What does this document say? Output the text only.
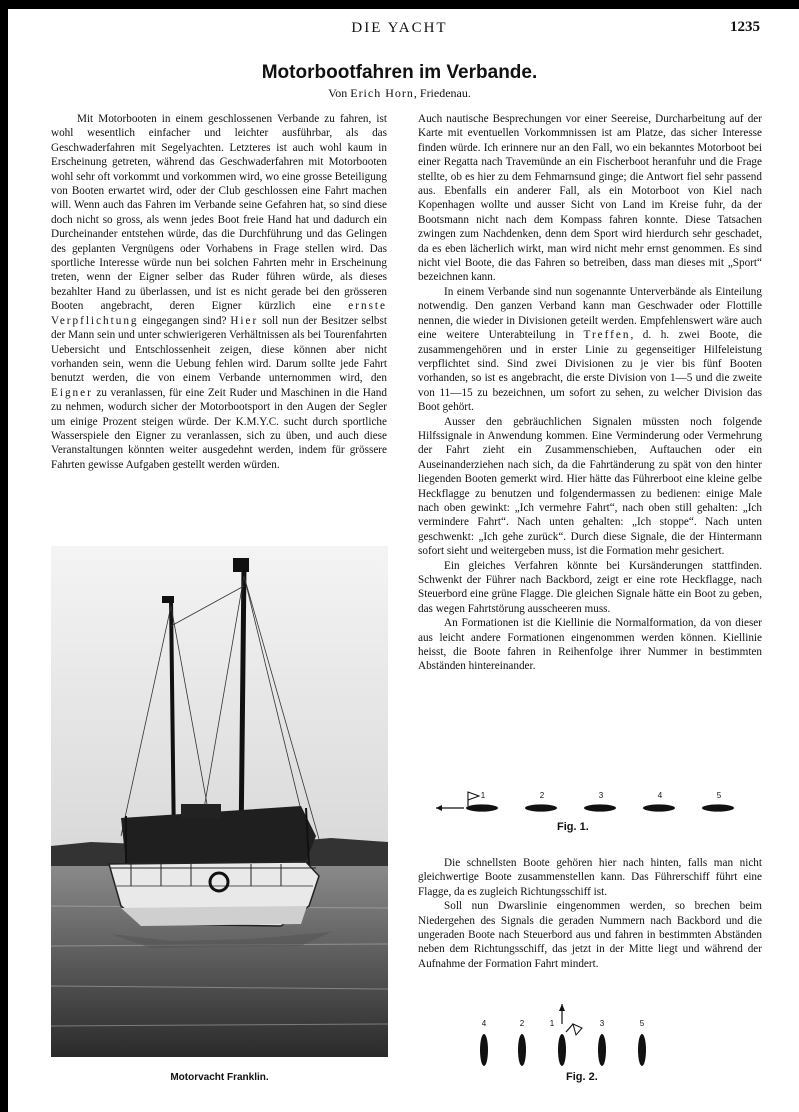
DIE YACHT	1235
Motorbootfahren im Verbande.
Von Erich Horn, Friedenau.

Mit Motorbooten in einem geschlossenen Verbande zu fahren, ist wohl wesentlich einfacher und leichter ausführbar, als das Geschwaderfahren mit Segelyachten. Letzteres ist auch wohl kaum in Erscheinung getreten, während das Geschwaderfahren mit Motorbooten wohl sehr oft vorkommt und vorkommen wird, wo eine grosse Beteiligung von Booten erwartet wird, oder der Club geschlossen eine Fahrt machen will. Wenn auch das Fahren im Verbande seine Gefahren hat, so sind diese doch nicht so gross, als wenn jedes Boot freie Hand hat und dadurch ein Durcheinander entstehen würde, das die Durchführung und das Gelingen des geplanten Vergnügens oder Vorhabens in Frage stellen wird. Das sportliche Interesse würde nun bei solchen Fahrten mehr in Erscheinung treten, wenn der Eigner selber das Ruder führen würde, als dieses bezahlter Hand zu überlassen, und ist es nicht gerade bei den grösseren Booten angebracht, deren Eigner kürzlich eine ernste Verpflichtung eingegangen sind? Hier soll nun der Besitzer selbst der Mann sein und unter schwierigeren Verhältnissen als bei Tourenfahrten Uebersicht und Entschlossenheit zeigen, diese können aber nicht vorhanden sein, wenn die Uebung fehlen wird. Darum sollte jede Fahrt benutzt werden, die von einem Verbande unternommen wird, den Eigner zu veranlassen, für eine Zeit Ruder und Maschinen in die Hand zu nehmen, wodurch sicher der Motorbootsport in den Augen der Segler um einige Prozent steigen würde. Der K.M.Y.C. sucht durch sportliche Wasserspiele den Eigner zu veranlassen, sich zu üben, und auch diese Veranstaltungen könnten weiter ausgedehnt werden, indem für grössere Fahrten gewisse Aufgaben gestellt werden würden.

Auch nautische Besprechungen vor einer Seereise, Durcharbeitung auf der Karte mit eventuellen Vorkommnissen ist am Platze, das sicher Interesse finden würde. Ich erinnere nur an den Fall, wo ein bekanntes Motorboot bei einer Regatta nach Travemünde an ein Fischerboot heranfuhr und die Frage stellte, ob es hier zu dem Fehmarnsund ginge; die Antwort fiel sehr passend aus. Ebenfalls ein anderer Fall, als ein Motorboot von Kiel nach Kopenhagen wollte und ausser Sicht von Land im Kreise fuhr, da der Bootsmann nicht nach dem Kompass fahren konnte. Diese Tatsachen zwingen zum Nachdenken, denn dem Sport wird hierdurch sehr geschadet, da es eben lächerlich wirkt, man wird nicht mehr ernst genommen. Es sind nicht viel Boote, die das Fahren so betreiben, dass man dieses mit „Sport“ bezeichnen kann.

In einem Verbande sind nun sogenannte Unterverbände als Einteilung notwendig. Den ganzen Verband kann man Geschwader oder Flottille nennen, die wieder in Divisionen geteilt werden. Empfehlenswert wäre auch eine weitere Unterabteilung in Treffen, d. h. zwei Boote, die zusammengehören und in erster Linie zu gegenseitiger Hilfeleistung verpflichtet sind. Sind zwei Divisionen zu je vier bis fünf Booten vorhanden, so ist es angebracht, die erste Division von 1—5 und die zweite von 11—15 zu bezeichnen, um sofort zu sehen, zu welcher Division das Boot gehört.

Ausser den gebräuchlichen Signalen müssten noch folgende Hilfssignale in Anwendung kommen. Eine Verminderung oder Vermehrung der Fahrt zieht ein Zusammenschieben, Auftauchen oder ein Auseinanderziehen nach sich, da die Fahrtänderung zu spät von den hinter liegenden Booten gemerkt wird. Hier hätte das Führerboot eine kleine gelbe Heckflagge zu benutzen und folgendermassen zu bedienen: einige Male nach oben gewinkt: „Ich vermehre Fahrt“, nach oben still gehalten: „Ich vermindere Fahrt“. Nach unten gehalten: „Ich stoppe“. Nach unten geschwenkt: „Ich gehe zurück“. Durch diese Signale, die der Hintermann sofort sieht und weitergeben muss, ist die Formation mehr gesichert.

Ein gleiches Verfahren könnte bei Kursänderungen stattfinden. Schwenkt der Führer nach Backbord, zeigt er eine rote Heckflagge, nach Steuerbord eine grüne Flagge. Die gleichen Signale hätte ein Boot zu geben, das wegen Fahrtstörung ausscheeren muss.

An Formationen ist die Kiellinie die Normalformation, da von dieser aus leicht andere Formationen eingenommen werden können. Kiellinie heisst, die Boote fahren in Reihenfolge ihrer Nummer in bestimmten Abständen hintereinander.

Motorvacht Franklin.
1	2	3	4	5
Fig. 1.

Die schnellsten Boote gehören hier nach hinten, falls man nicht gleichwertige Boote zusammenstellen kann. Das Führerschiff führt eine Flagge, da es zugleich Richtungsschiff ist.

Soll nun Dwarslinie eingenommen werden, so brechen beim Niedergehen des Signals die geraden Nummern nach Backbord und die ungeraden Boote nach Steuerbord aus und fahren in bestimmten Abständen neben dem Richtungsschiff, das jetzt in der Mitte liegt und während der Aufnahme der Formation Fahrt mindert.

4	2	1	3	5
Fig. 2.
